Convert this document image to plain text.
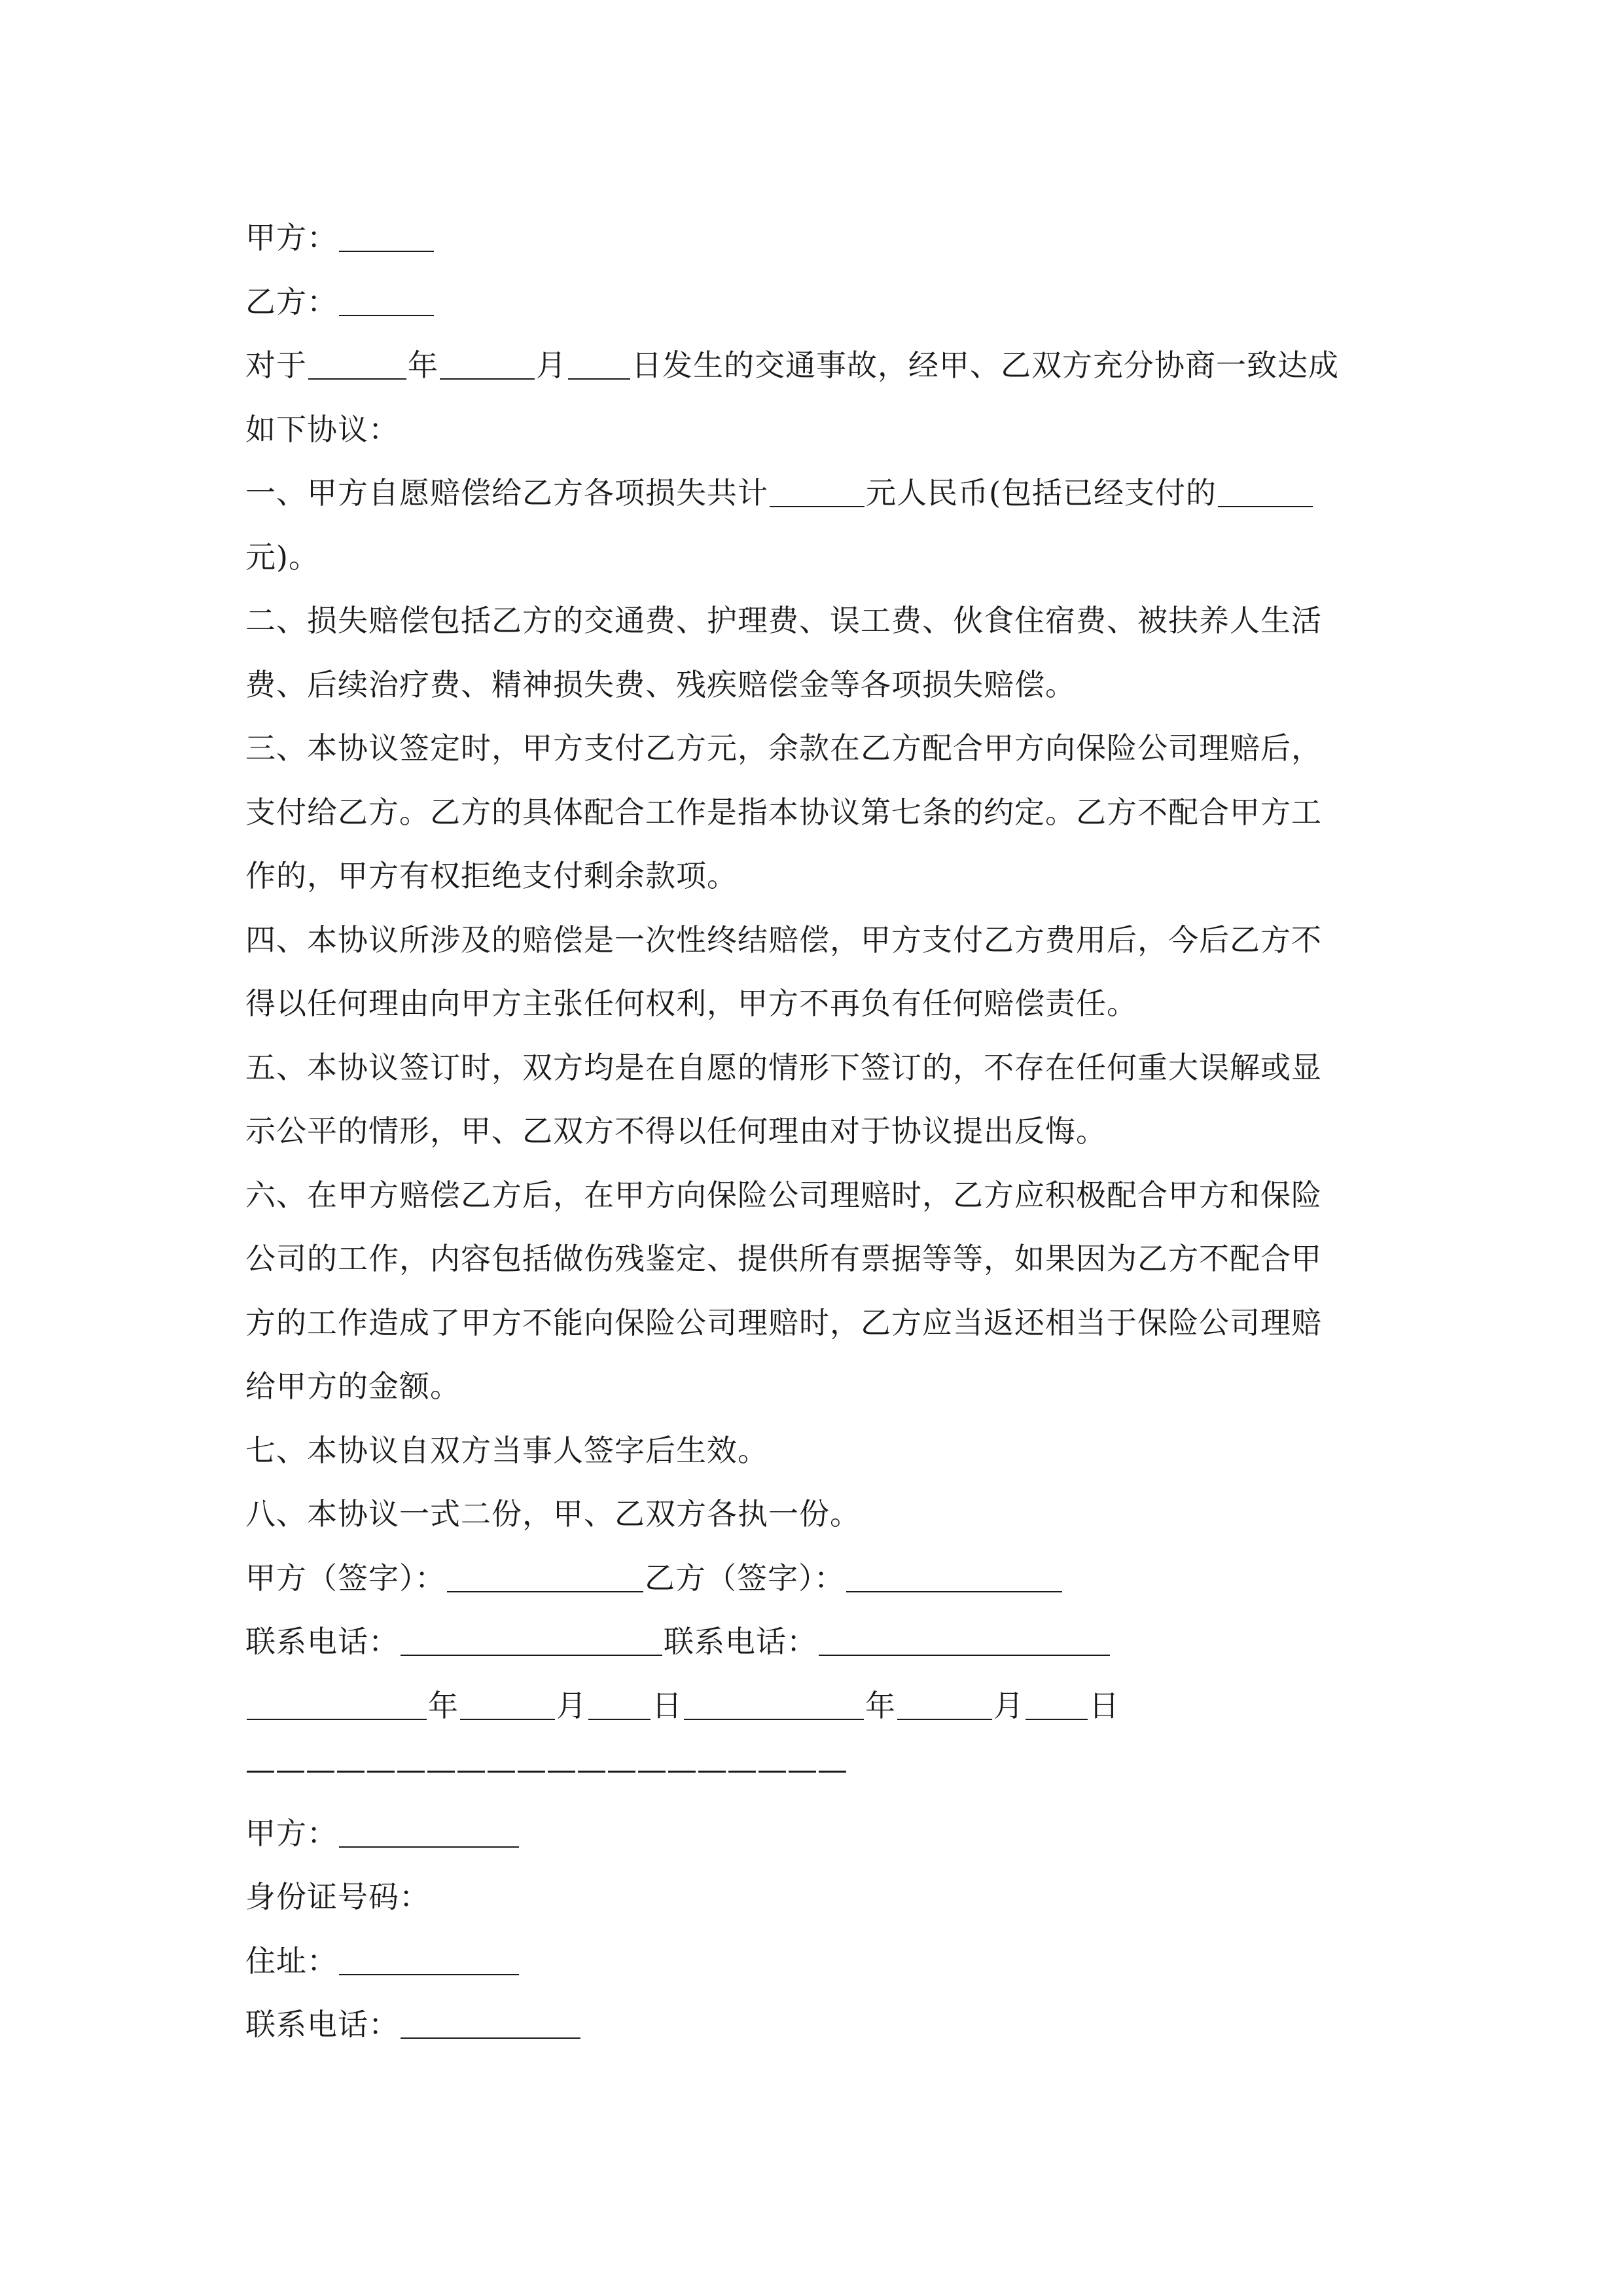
甲方：
乙方：
对于	年	月 日发生的交通事故，经甲、乙双方充分协商一致达成
如下协议：
一、甲方自愿赔偿给乙方各项损失共计	元人民币(包括已经支付的
元)。
二、损失赔偿包括乙方的交通费、护理费、误工费、伙食住宿费、被扶养人生活
费、后续治疗费、精神损失费、残疾赔偿金等各项损失赔偿。
三、本协议签定时，甲方支付乙方元，余款在乙方配合甲方向保险公司理赔后，
支付给乙方。乙方的具体配合工作是指本协议第七条的约定。乙方不配合甲方工
作的，甲方有权拒绝支付剩余款项。
四、本协议所涉及的赔偿是一次性终结赔偿，甲方支付乙方费用后，今后乙方不
得以任何理由向甲方主张任何权利，甲方不再负有任何赔偿责任。
五、本协议签订时，双方均是在自愿的情形下签订的，不存在任何重大误解或显
示公平的情形，甲、乙双方不得以任何理由对于协议提出反悔。
六、在甲方赔偿乙方后，在甲方向保险公司理赔时，乙方应积极配合甲方和保险
公司的工作，内容包括做伤残鉴定、提供所有票据等等，如果因为乙方不配合甲
方的工作造成了甲方不能向保险公司理赔时，乙方应当返还相当于保险公司理赔
给甲方的金额。
七、本协议自双方当事人签字后生效。
八、本协议一式二份，甲、乙双方各执一份。
甲方（签字）：	乙方（签字）：
联系电话：	联系电话：
年	月 日	年	月 日
————————————————————
甲方：
身份证号码：
住址：
联系电话：
